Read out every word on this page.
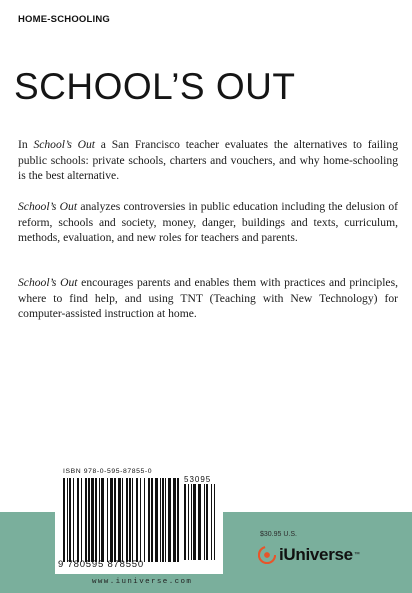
HOME-SCHOOLING
SCHOOL’S OUT

In School’s Out a San Francisco teacher evaluates the alternatives to failing public schools: private schools, charters and vouchers, and why home-schooling is the best alternative.

School’s Out analyzes controversies in public education including the delusion of reform, schools and society, money, danger, buildings and texts, curriculum, methods, evaluation, and new roles for teachers and parents.

School’s Out encourages parents and enables them with practices and principles, where to find help, and using TNT (Teaching with New Technology) for computer-assisted instruction at home.

ISBN 978-0-595-87855-0
53095
9 780595 878550
www.iuniverse.com
$30.95 U.S.
iUniverse ™
